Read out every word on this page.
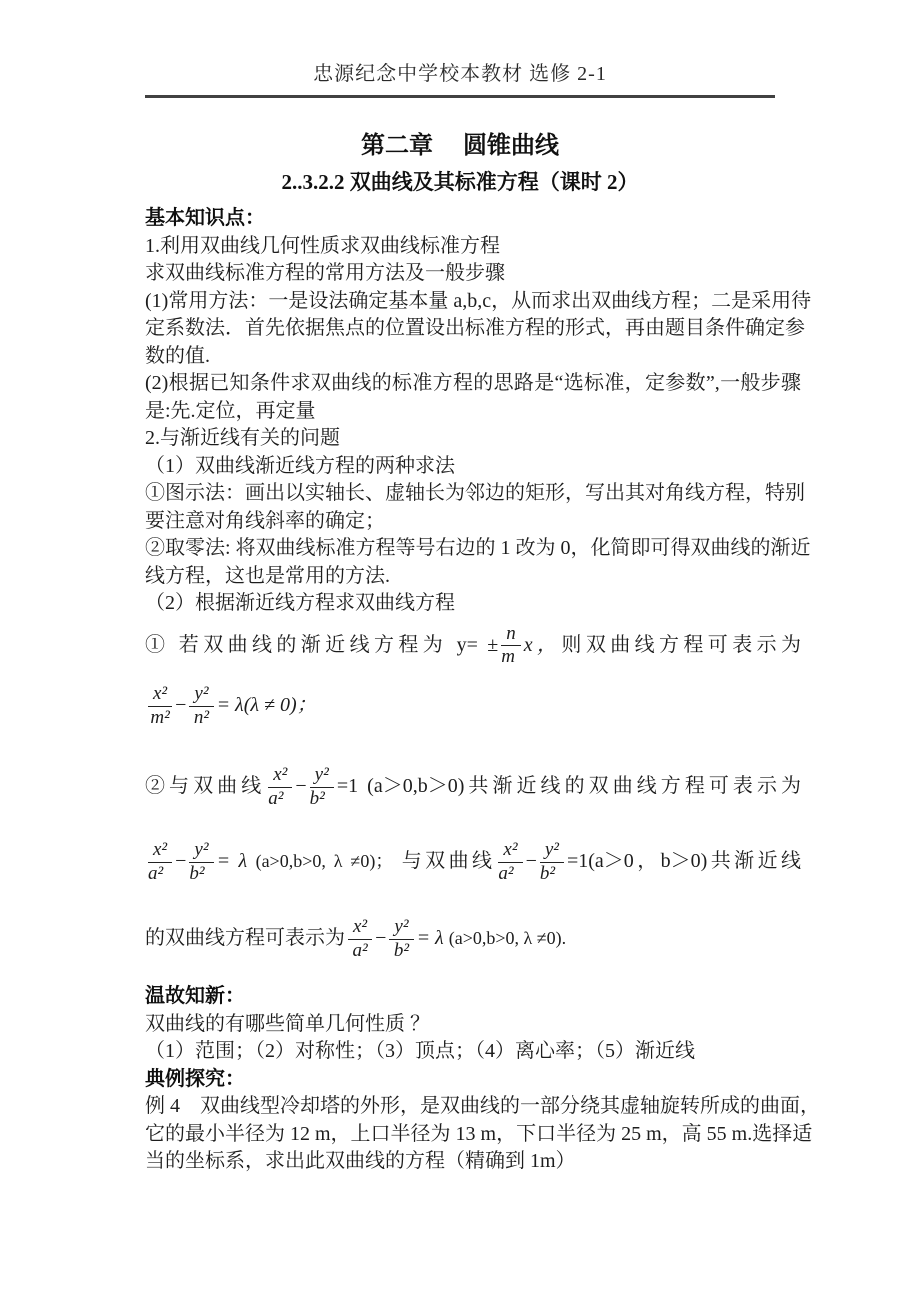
忠源纪念中学校本教材 选修 2-1
第二章　 圆锥曲线
2..3.2.2 双曲线及其标准方程（课时 2）
基本知识点：
1.利用双曲线几何性质求双曲线标准方程
求双曲线标准方程的常用方法及一般步骤
(1)常用方法：一是设法确定基本量 a,b,c，从而求出双曲线方程；二是采用待
定系数法．首先依据焦点的位置设出标准方程的形式，再由题目条件确定参
数的值.
(2)根据已知条件求双曲线的标准方程的思路是“选标准，定参数”,一般步骤
是:先.定位，再定量
2.与渐近线有关的问题
（1）双曲线渐近线方程的两种求法
①图示法：画出以实轴长、虚轴长为邻边的矩形，写出其对角线方程，特别
要注意对角线斜率的确定；
②取零法: 将双曲线标准方程等号右边的 1 改为 0，化简即可得双曲线的渐近
线方程，这也是常用的方法.
（2）根据渐近线方程求双曲线方程
① 若双曲线的渐近线方程为 $y= \pm \frac{n}{m}$ x，则双曲线方程可表示为
$\frac{\text{x²}}{\text{m²}} - \frac{\text{y²}}{\text{n²}} = \lambda(\lambda \ne 0)$；
②与双曲线 $\frac{\text{x²}}{\text{a²}} - \frac{\text{y²}}{\text{b²}} =1$ (a＞0,b＞0)共渐近线的双曲线方程可表示为
$\frac{\text{x²}}{\text{a²}} - \frac{\text{y²}}{\text{b²}} = \lambda$ (a>0,b>0, λ ≠0)； 与双曲线 $\frac{\text{x²}}{\text{a²}} - \frac{\text{y²}}{\text{b²}} =1(a>0$，b＞0)共渐近线
的双曲线方程可表示为 $\frac{\text{x²}}{\text{a²}} - \frac{\text{y²}}{\text{b²}} = \lambda$ (a>0,b>0, λ ≠0).
温故知新：
双曲线的有哪些简单几何性质 ？
（1）范围；（2）对称性；（3）顶点；（4）离心率；（5）渐近线
典例探究：
例 4　双曲线型冷却塔的外形，是双曲线的一部分绕其虚轴旋转所成的曲面，
它的最小半径为 12 m，上口半径为 13 m，下口半径为 25 m，高 55 m.选择适
当的坐标系，求出此双曲线的方程（精确到 1m）
